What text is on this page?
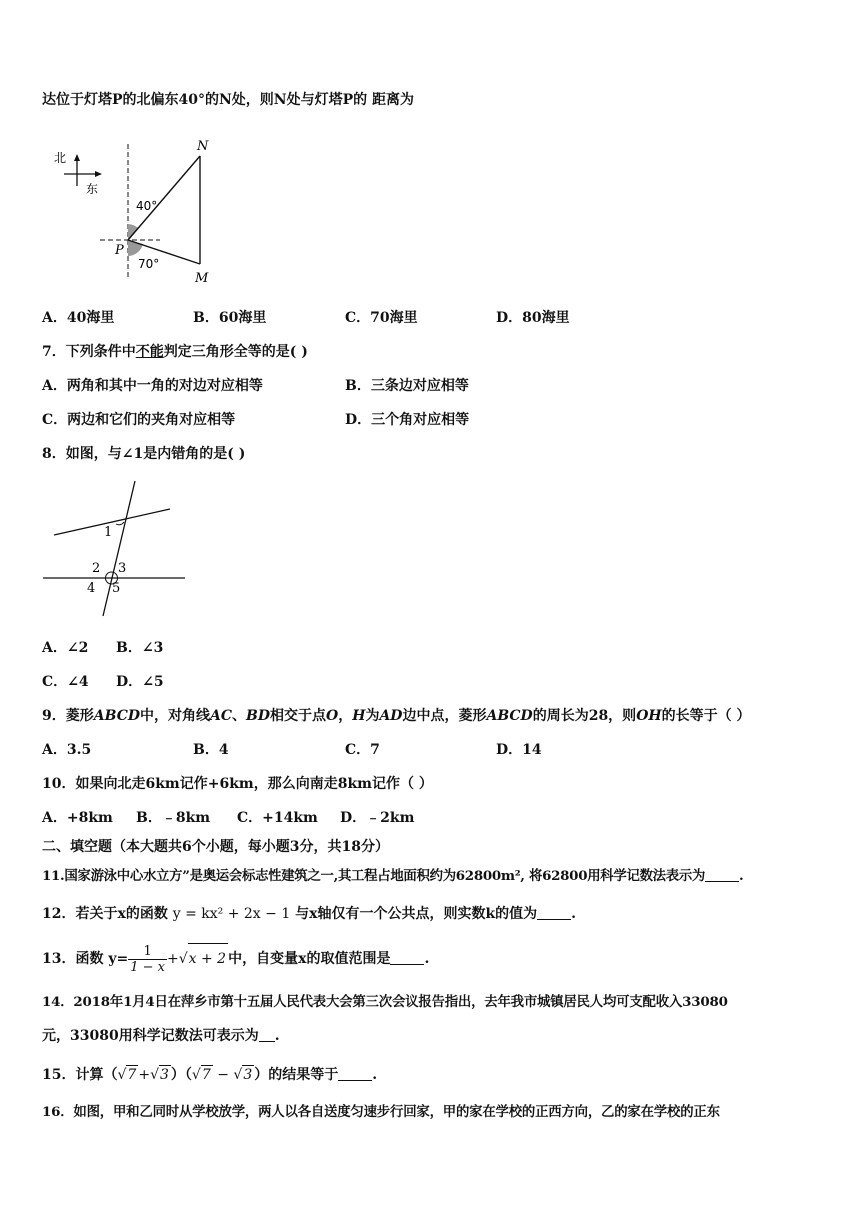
达位于灯塔P的北偏东40°的N处，则N处与灯塔P的 距离为
北
东
N
M
P
40°
70°
A．40海里	B．60海里	C．70海里	D．80海里
7．下列条件中不能判定三角形全等的是( )
A．两角和其中一角的对边对应相等	B．三条边对应相等
C．两边和它们的夹角对应相等	D．三个角对应相等
8．如图，与∠1是内错角的是( )
1
2 3
4 5
A．∠2 B．∠3
C．∠4 D．∠5
9．菱形ABCD中，对角线AC、BD相交于点O，H为AD边中点，菱形ABCD的周长为28，则OH的长等于（ ）
A．3.5	B．4	C．7	D．14
10．如果向北走6km记作+6km，那么向南走8km记作（ ）
A．+8km B．﹣8km C．+14km D．﹣2km
二、填空题（本大题共6个小题，每小题3分，共18分）
11.国家游泳中心水立方”是奥运会标志性建筑之一,其工程占地面积约为62800m², 将62800用科学记数法表示为	.
12．若关于x的函数 y = kx² + 2x − 1 与x轴仅有一个公共点，则实数k的值为 .
13．函数 $y= \frac{1}{1 - x} +√x + 2$ 中，自变量x的取值范围是 .
14．2018年1月4日在萍乡市第十五届人民代表大会第三次会议报告指出，去年我市城镇居民人均可支配收入33080
元，33080用科学记数法可表示为 .
15．计算（√7 +√3 ）（√7 − √3 ）的结果等于 .
16．如图，甲和乙同时从学校放学，两人以各自送度匀速步行回家，甲的家在学校的正西方向，乙的家在学校的正东
